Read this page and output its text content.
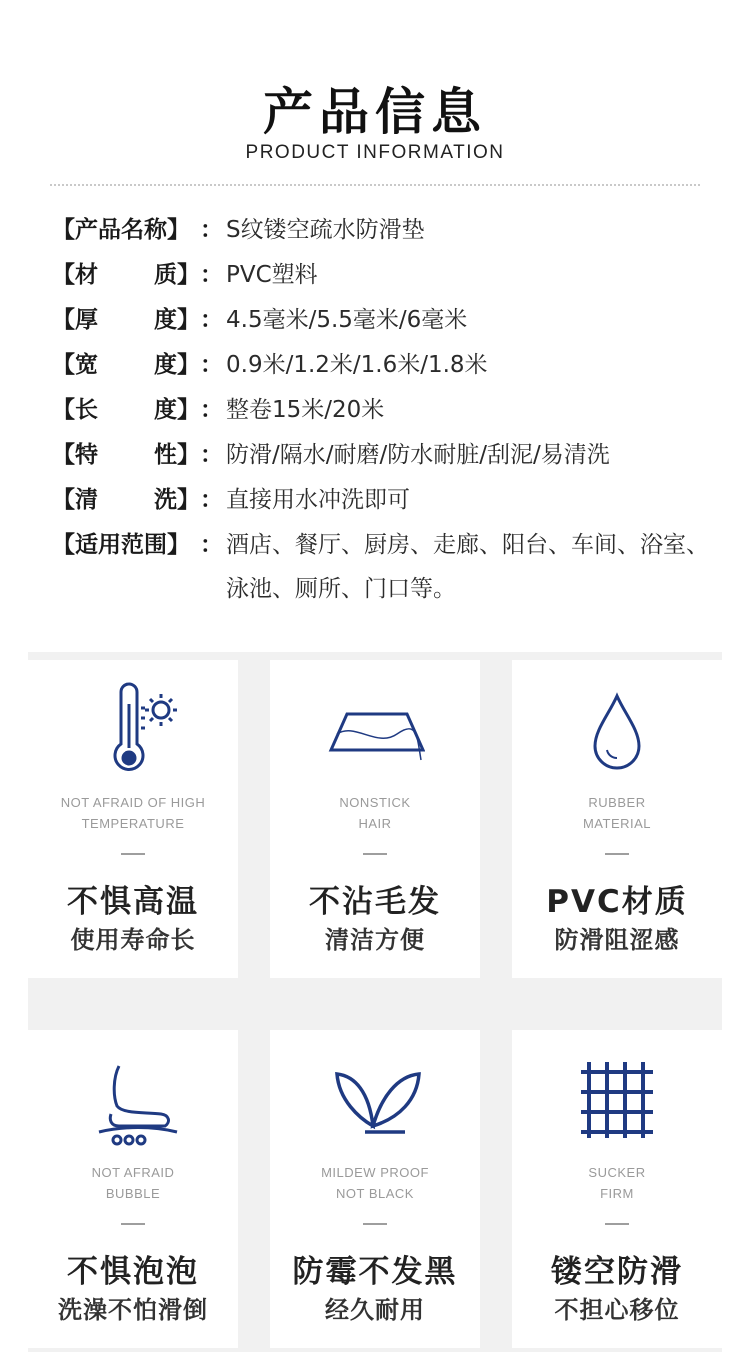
产品信息
PRODUCT INFORMATION
【产品名称】 ： S纹镂空疏水防滑垫
【材 质】 ： PVC塑料
【厚 度】 ： 4.5毫米/5.5毫米/6毫米
【宽 度】 ： 0.9米/1.2米/1.6米/1.8米
【长 度】 ： 整卷15米/20米
【特 性】 ： 防滑/隔水/耐磨/防水耐脏/刮泥/易清洗
【清 洗】 ： 直接用水冲洗即可
【适用范围】 ： 酒店、餐厅、厨房、走廊、阳台、车间、浴室、泳池、厕所、门口等。
NOT AFRAID OF HIGH
TEMPERATURE
不惧高温
使用寿命长
NONSTICK
HAIR
不沾毛发
清洁方便
RUBBER
MATERIAL
PVC材质
防滑阻涩感
NOT AFRAID
BUBBLE
不惧泡泡
洗澡不怕滑倒
MILDEW PROOF
NOT BLACK
防霉不发黑
经久耐用
SUCKER
FIRM
镂空防滑
不担心移位
